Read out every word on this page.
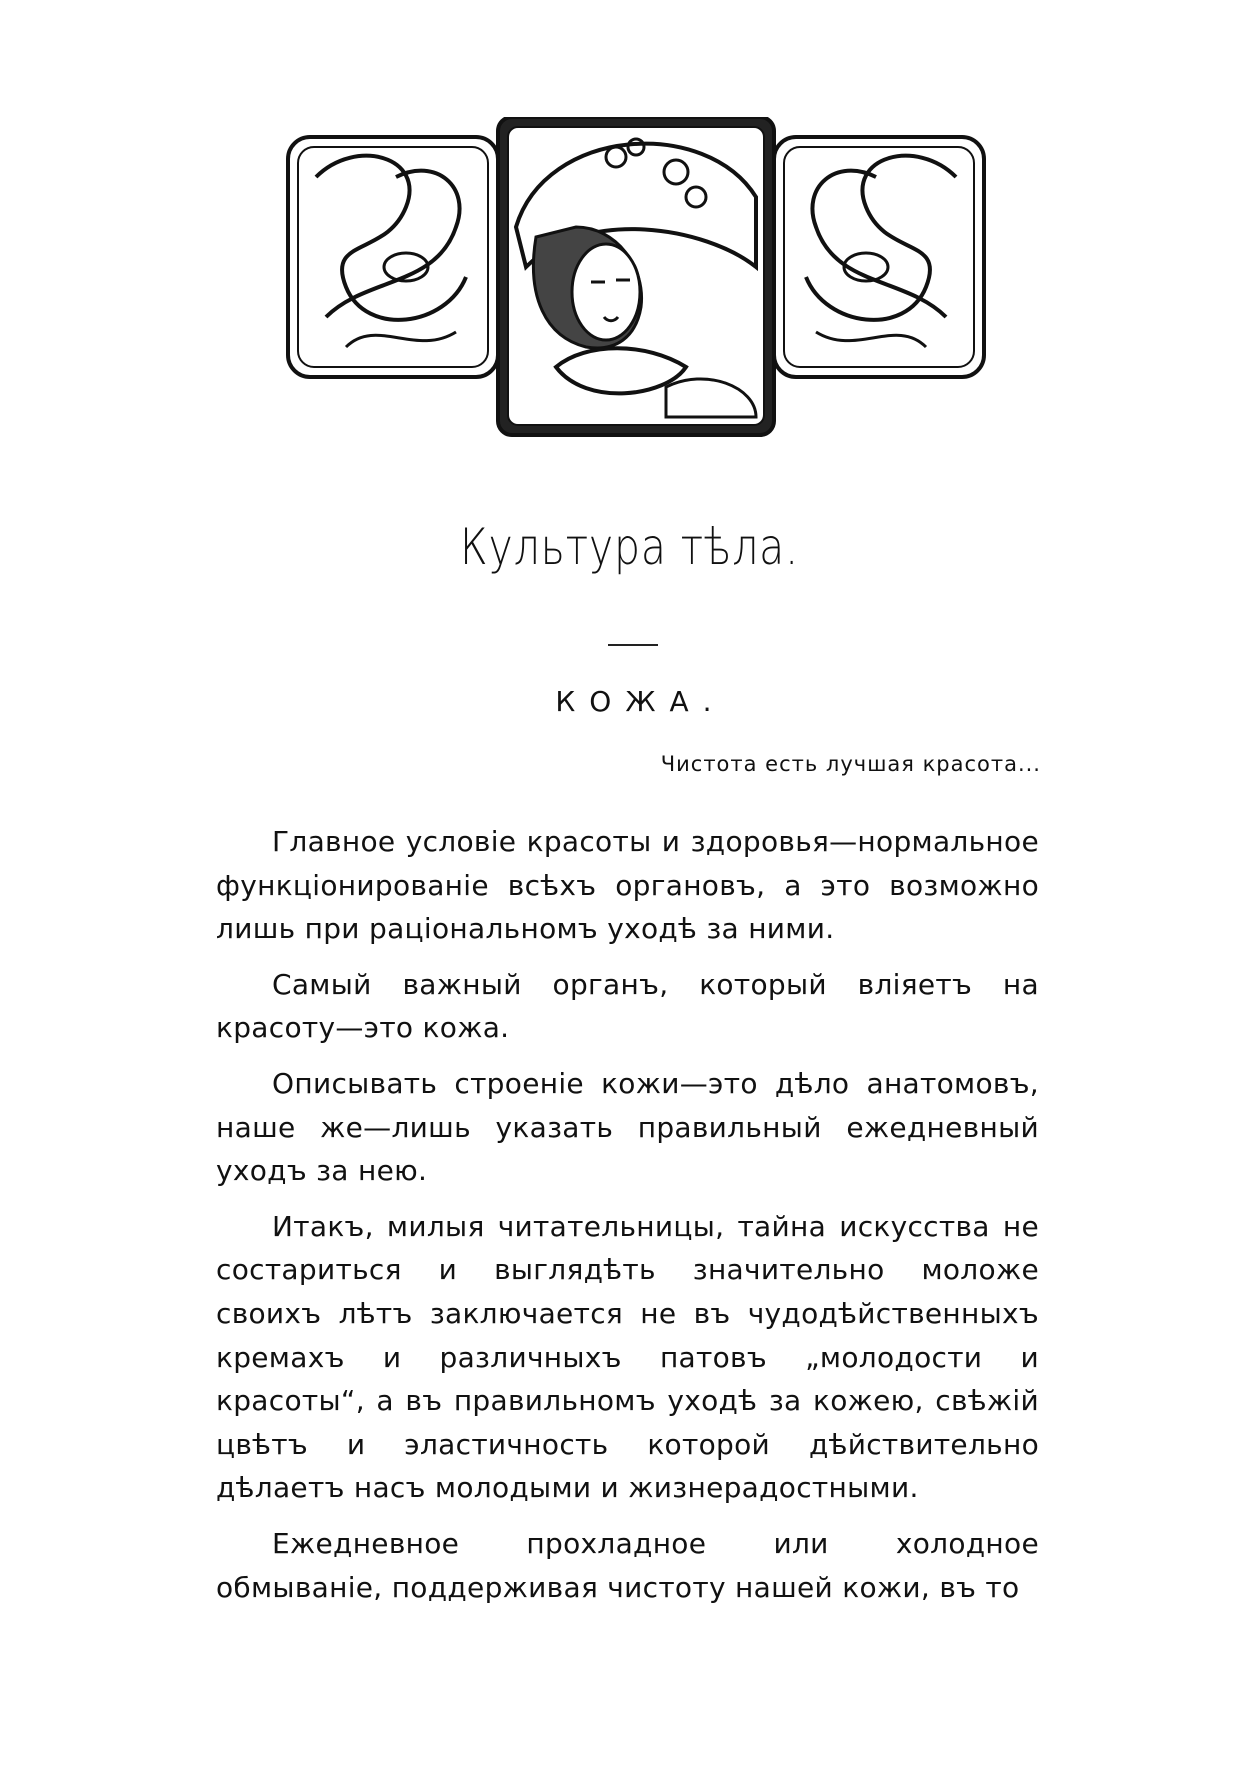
Культура тѣла.
КОЖА.
Чистота есть лучшая красота...

Главное условіе красоты и здоровья—нормальное функціонированіе всѣхъ органовъ, а это возможно лишь при раціональномъ уходѣ за ними.

Самый важный органъ, который вліяетъ на красоту—это кожа.

Описывать строеніе кожи—это дѣло анатомовъ, наше же—лишь указать правильный ежедневный уходъ за нею.

Итакъ, милыя читательницы, тайна искусства не состариться и выглядѣть значительно моложе своихъ лѣтъ заключается не въ чудодѣйственныхъ кремахъ и различныхъ патовъ „молодости и красоты“, а въ правильномъ уходѣ за кожею, свѣжій цвѣтъ и эластичность которой дѣйствительно дѣлаетъ насъ молодыми и жизнерадостными.

Ежедневное прохладное или холодное обмываніе, поддерживая чистоту нашей кожи, въ то
